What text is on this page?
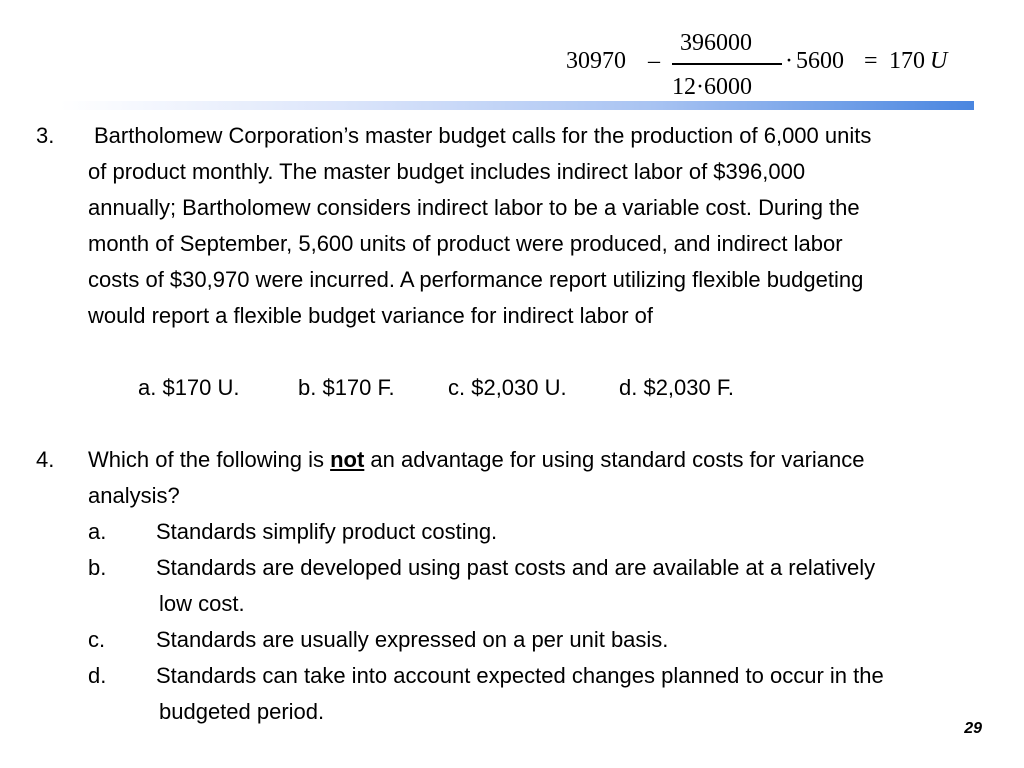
30970 –
396000
12·6000
· 5600 = 170 U
3. Bartholomew Corporation’s master budget calls for the production of 6,000 units
of product monthly. The master budget includes indirect labor of $396,000
annually; Bartholomew considers indirect labor to be a variable cost. During the
month of September, 5,600 units of product were produced, and indirect labor
costs of $30,970 were incurred. A performance report utilizing flexible budgeting
would report a flexible budget variance for indirect labor of
a. $170 U.	b. $170 F. c. $2,030 U. d. $2,030 F.
4. Which of the following is not an advantage for using standard costs for variance
analysis?
a. Standards simplify product costing.
b. Standards are developed using past costs and are available at a relatively
low cost.
c. Standards are usually expressed on a per unit basis.
d. Standards can take into account expected changes planned to occur in the
budgeted period.
29
